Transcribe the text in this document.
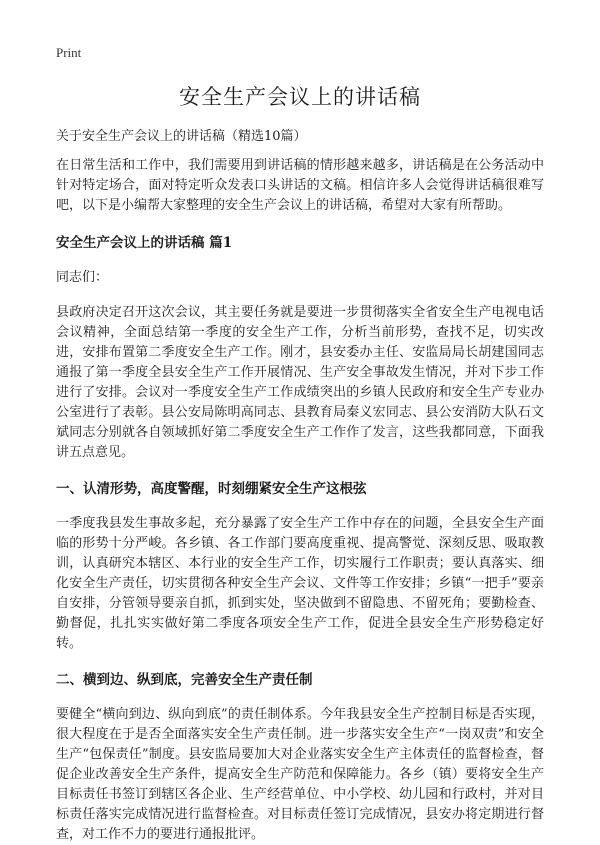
Print
安全生产会议上的讲话稿
关于安全生产会议上的讲话稿（精选10篇）

在日常生活和工作中，我们需要用到讲话稿的情形越来越多，讲话稿是在公务活动中针对特定场合，面对特定听众发表口头讲话的文稿。相信许多人会觉得讲话稿很难写吧，以下是小编帮大家整理的安全生产会议上的讲话稿，希望对大家有所帮助。

安全生产会议上的讲话稿 篇1
同志们：

县政府决定召开这次会议，其主要任务就是要进一步贯彻落实全省安全生产电视电话会议精神，全面总结第一季度的安全生产工作，分析当前形势，查找不足，切实改进，安排布置第二季度安全生产工作。刚才，县安委办主任、安监局局长胡建国同志通报了第一季度全县安全生产工作开展情况、生产安全事故发生情况，并对下步工作进行了安排。会议对一季度安全生产工作成绩突出的乡镇人民政府和安全生产专业办公室进行了表彰。县公安局陈明高同志、县教育局秦义宏同志、县公安消防大队石文斌同志分别就各自领域抓好第二季度安全生产工作作了发言，这些我都同意，下面我讲五点意见。

一、认清形势，高度警醒，时刻绷紧安全生产这根弦

一季度我县发生事故多起，充分暴露了安全生产工作中存在的问题，全县安全生产面临的形势十分严峻。各乡镇、各工作部门要高度重视、提高警觉、深刻反思、吸取教训，认真研究本辖区、本行业的安全生产工作，切实履行工作职责；要认真落实、细化安全生产责任，切实贯彻各种安全生产会议、文件等工作安排；乡镇“一把手”要亲自安排，分管领导要亲自抓，抓到实处，坚决做到不留隐患、不留死角；要勤检查、勤督促，扎扎实实做好第二季度各项安全生产工作，促进全县安全生产形势稳定好转。

二、横到边、纵到底，完善安全生产责任制

要健全“横向到边、纵向到底”的责任制体系。今年我县安全生产控制目标是否实现，很大程度在于是否全面落实安全生产责任制。进一步落实安全生产“一岗双责”和安全生产“包保责任”制度。县安监局要加大对企业落实安全生产主体责任的监督检查，督促企业改善安全生产条件，提高安全生产防范和保障能力。各乡（镇）要将安全生产目标责任书签订到辖区各企业、生产经营单位、中小学校、幼儿园和行政村，并对目标责任落实完成情况进行监督检查。对目标责任签订完成情况，县安办将定期进行督查，对工作不力的要进行通报批评。
